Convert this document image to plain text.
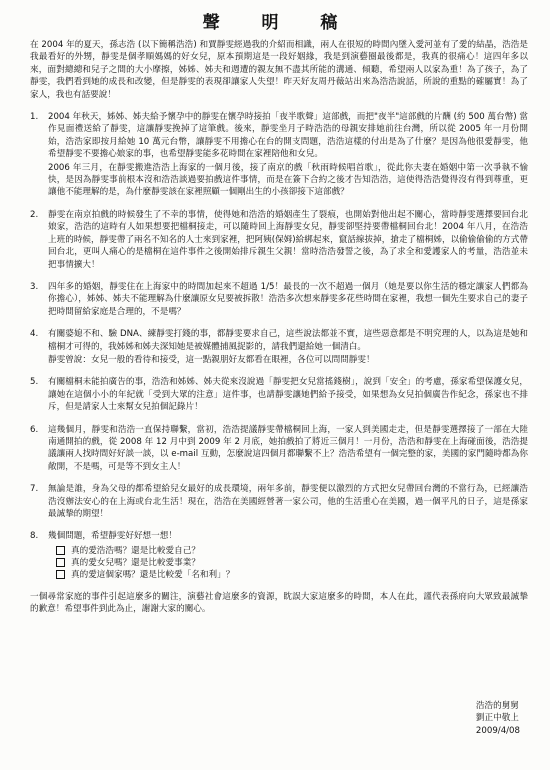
聲 明 稿

在 2004 年的夏天，孫志浩 (以下簡稱浩浩) 和賈靜雯經過我的介紹而相識，兩人在很短的時間內墜入愛河並有了愛的結晶，浩浩是我最看好的外甥，靜雯是個孝順媽媽的好女兒，原本預期這是一段好姻緣，我是到演藝圈最後都是，我真的很痛心！這四年多以來，面對總總和兒子之間的大小摩擦，姊姊、姊夫和週遭的親友無不盡其所能的溝通、傾聽，希望兩人以家為重！為了孩子，為了靜雯，我們看到她的成長和改變，但是靜雯的表現卻讓家人失望！昨天好友周丹薇站出來為浩浩說話，所說的重點的確屬實！為了家人，我也有話要說！

1.	2004 年秋天，姊姊、姊夫給予懷孕中的靜雯在懷孕時接拍「夜半歌聲」這部戲，而把"夜半"這部戲的片酬 (約 500 萬台幣) 當作見面禮送給了靜雯，這讓靜雯挽掉了這筆戲。後來，靜雯坐月子時浩浩的母親安排她前往台灣，所以從 2005 年一月份開始，浩浩家即按月給她 10 萬元台幣，讓靜雯不用擔心在台的開支問題，浩浩這樣的付出是為了什麼？是因為他很愛靜雯，他希望靜雯不要擔心娘家的事，也希望靜雯能多花時間在家裡陪他和女兒。
2006 年三月，在靜雯搬進浩浩上海家的一個月後，接了南京的戲「秋雨時候唱首歌」，從此你夫妻在婚姻中第一次爭執不愉快，是因為靜雯事前根本沒和浩浩談過要拍戲這件事情，而是在簽下合約之後才告知浩浩，這使得浩浩覺得沒有得到尊重，更讓他不能理解的是，為什麼靜雯該在家裡照顧一個剛出生的小孩卻接下這部戲？
2.	靜雯在南京拍戲的時候發生了不幸的事情，使得她和浩浩的婚姻產生了裂痕，也開始對他出起不關心，當時靜雯選擇要回台北娘家，浩浩的這時有人如果想要把檔桐接走，可以隨時回上海靜雯女兒，靜雯卻堅持要帶檔桐回台北！2004 年八月，在浩浩上班的時候，靜雯帶了兩名不知名的人士來到家裡，把阿姨(保姆)給綁起來，竄話線拔掉，搶走了檔桐姊，以偷偷偷偷的方式帶回台北，更叫人痛心的是檔桐在這件事件之後開始排斥親生父親！當時浩浩發誓之後，為了求全和愛護家人的考量，浩浩並未把事情擴大！
3.	四年多的婚姻，靜雯住在上海家中的時間加起來不超過 1/5！最長的一次不超過一個月（她是要以你生活的穩定讓家人們都為你擔心），姊姊、姊夫不能理解為什麼讓原女兒要被拆散！浩浩多次想來靜雯多花些時間在家裡，我想一個先生要求自己的妻子把時間留給家庭是合理的，不是嗎？
4.	有關婆媳不和、驗 DNA、練靜雯打錢的事，都靜雯要求自己，這些說法都並不實，這些惡意都是不明究理的人，以為這是她和檔桐才可得的，我姊姊和姊夫深知她是被媒體捕風捉影的，請我們還給她一個清白。
靜雯曾說：女兒一般的看待和接受，這一點親朋好友都看在眼裡，各位可以問問靜雯！
5.	有關檔桐未能拍廣告的事，浩浩和姊姊、姊夫從來沒說過「靜雯把女兒當搖錢樹」，說到「安全」的考慮，孫家希望保護女兒，讓她在這個小小的年紀就「受到大眾的注意」這件事，也請靜雯讓她們給予接受，如果想為女兒拍個廣告作紀念，孫家也不排斥，但是請家人士來幫女兒拍個記錄片！
6.	這幾個月，靜雯和浩浩一直保持聯繫，當初，浩浩提議靜雯帶檔桐回上海，一家人到美國走走，但是靜雯選擇接了一部在大陸南通開拍的戲，從 2008 年 12 月中到 2009 年 2 月底，她拍戲拍了將近三個月！一月份，浩浩和靜雯在上海碰面後，浩浩提議讓兩人找時間好好談一談，以 e-mail 互動，怎麼說這四個月都聯繫不上？浩浩希望有一個完整的家，美國的家門隨時都為你敞開，不是嗎，可是等不到女主人！
7.	無論是誰，身為父母的都希望給兒女最好的成長環境，兩年多前，靜雯便以激烈的方式把女兒帶回台灣的不當行為，已經讓浩浩沒辦法安心的在上海或台北生活！現在，浩浩在美國經營著一家公司，他的生活重心在美國，過一個平凡的日子，這是孫家最誠摯的期望！
8.	幾個問題，希望靜雯好好想一想！
真的愛浩浩嗎？還是比較愛自己？
真的愛女兒嗎？還是比較愛事業？
真的愛這個家嗎？還是比較愛「名和利」？

一個尋常家庭的事件引起這麼多的關注，演藝社會這麼多的資源，眈誤大家這麼多的時間，本人在此，謹代表孫府向大眾致最誠摯的歉意！希望事件到此為止，謝謝大家的關心。

浩浩的舅舅
劉正中敬上
2009/4/08
